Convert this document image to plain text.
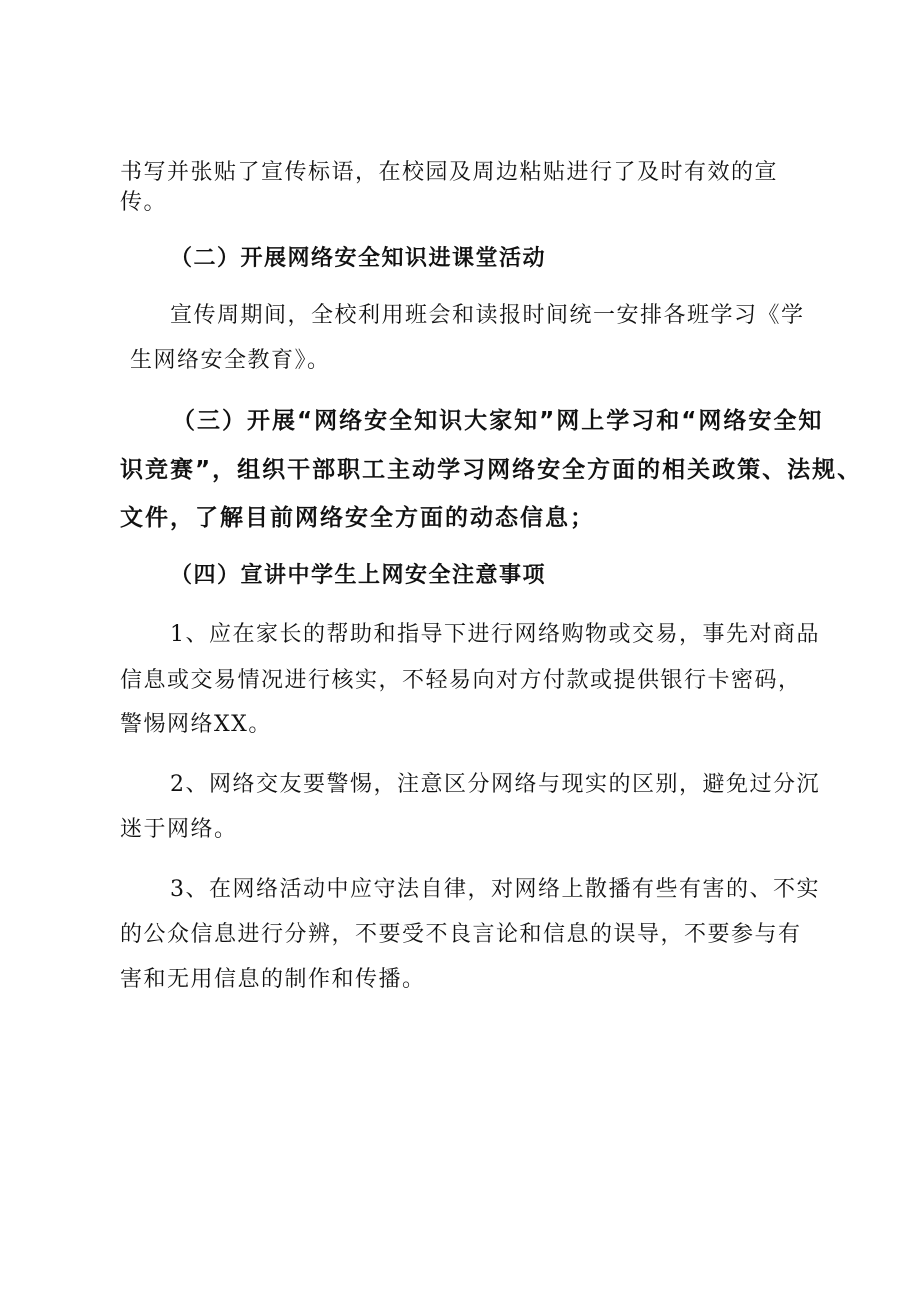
书写并张贴了宣传标语，在校园及周边粘贴进行了及时有效的宣
传。
（二）开展网络安全知识进课堂活动
宣传周期间，全校利用班会和读报时间统一安排各班学习《学
生网络安全教育》。
（三）开展“网络安全知识大家知”网上学习和“网络安全知
识竞赛”，组织干部职工主动学习网络安全方面的相关政策、法规、
文件，了解目前网络安全方面的动态信息；
（四）宣讲中学生上网安全注意事项
1、应在家长的帮助和指导下进行网络购物或交易，事先对商品
信息或交易情况进行核实，不轻易向对方付款或提供银行卡密码，
警惕网络XX。
2、网络交友要警惕，注意区分网络与现实的区别，避免过分沉
迷于网络。
3、在网络活动中应守法自律，对网络上散播有些有害的、不实
的公众信息进行分辨，不要受不良言论和信息的误导，不要参与有
害和无用信息的制作和传播。
